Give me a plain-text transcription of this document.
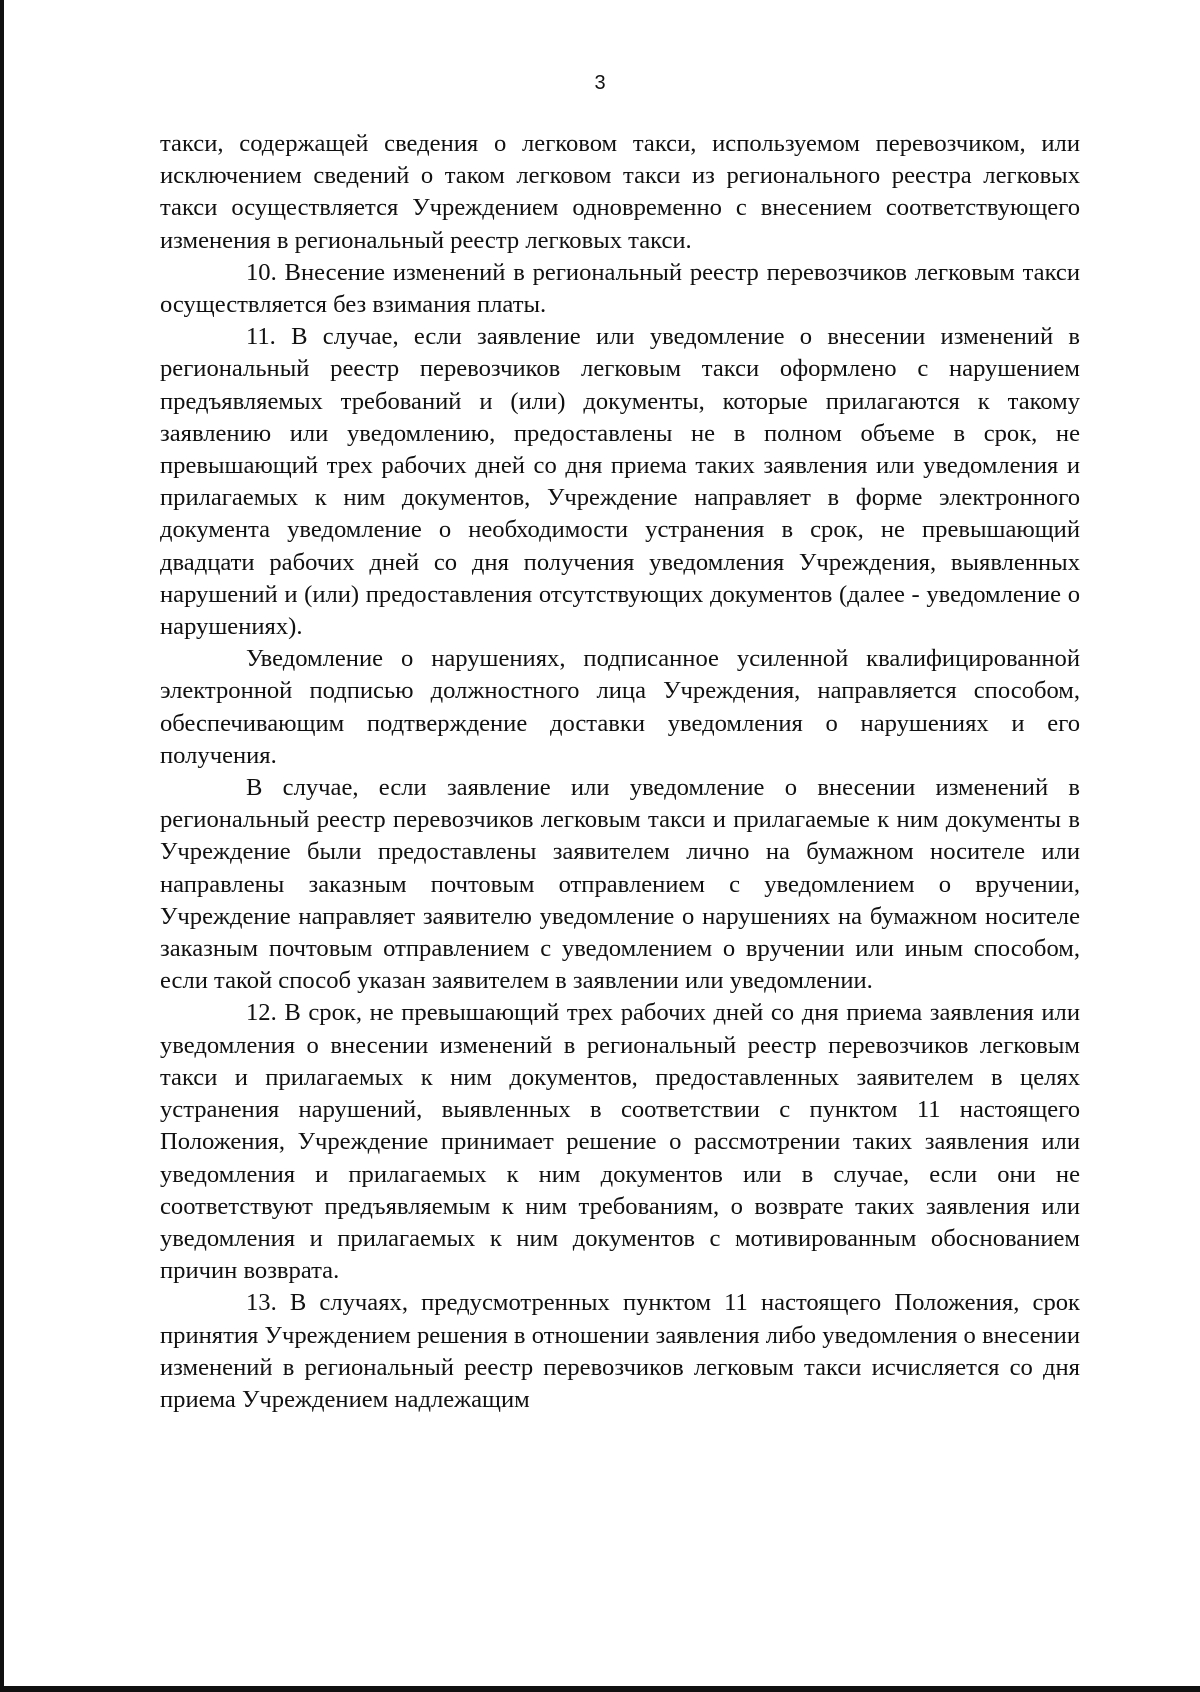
3

такси, содержащей сведения о легковом такси, используемом перевозчиком, или исключением сведений о таком легковом такси из регионального реестра легковых такси осуществляется Учреждением одновременно с внесением соответствующего изменения в региональный реестр легковых такси.

10. Внесение изменений в региональный реестр перевозчиков легковым такси осуществляется без взимания платы.

11. В случае, если заявление или уведомление о внесении изменений в региональный реестр перевозчиков легковым такси оформлено с нарушением предъявляемых требований и (или) документы, которые прилагаются к такому заявлению или уведомлению, предоставлены не в полном объеме в срок, не превышающий трех рабочих дней со дня приема таких заявления или уведомления и прилагаемых к ним документов, Учреждение направляет в форме электронного документа уведомление о необходимости устранения в срок, не превышающий двадцати рабочих дней со дня получения уведомления Учреждения, выявленных нарушений и (или) предоставления отсутствующих документов (далее - уведомление о нарушениях).

Уведомление о нарушениях, подписанное усиленной квалифицированной электронной подписью должностного лица Учреждения, направляется способом, обеспечивающим подтверждение доставки уведомления о нарушениях и его получения.

В случае, если заявление или уведомление о внесении изменений в региональный реестр перевозчиков легковым такси и прилагаемые к ним документы в Учреждение были предоставлены заявителем лично на бумажном носителе или направлены заказным почтовым отправлением с уведомлением о вручении, Учреждение направляет заявителю уведомление о нарушениях на бумажном носителе заказным почтовым отправлением с уведомлением о вручении или иным способом, если такой способ указан заявителем в заявлении или уведомлении.

12. В срок, не превышающий трех рабочих дней со дня приема заявления или уведомления о внесении изменений в региональный реестр перевозчиков легковым такси и прилагаемых к ним документов, предоставленных заявителем в целях устранения нарушений, выявленных в соответствии с пунктом 11 настоящего Положения, Учреждение принимает решение о рассмотрении таких заявления или уведомления и прилагаемых к ним документов или в случае, если они не соответствуют предъявляемым к ним требованиям, о возврате таких заявления или уведомления и прилагаемых к ним документов с мотивированным обоснованием причин возврата.

13. В случаях, предусмотренных пунктом 11 настоящего Положения, срок принятия Учреждением решения в отношении заявления либо уведомления о внесении изменений в региональный реестр перевозчиков легковым такси исчисляется со дня приема Учреждением надлежащим
